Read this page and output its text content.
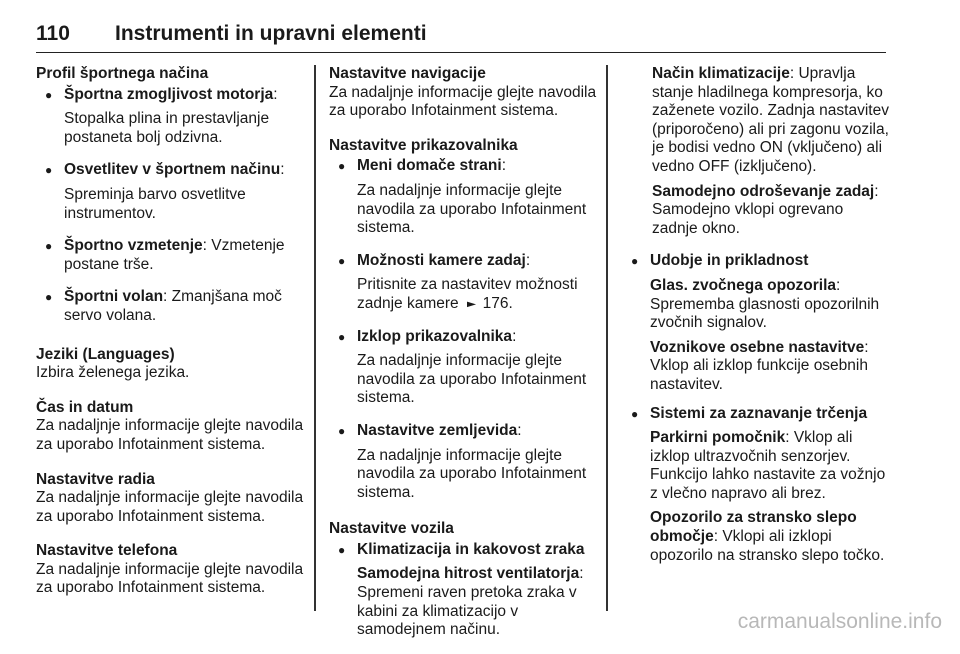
110 Instrumenti in upravni elementi
Profil športnega načina
● Športna zmogljivost motorja:
Stopalka plina in prestavljanje postaneta bolj odzivna.
● Osvetlitev v športnem načinu:
Spreminja barvo osvetlitve instrumentov.
● Športno vzmetenje: Vzmetenje postane trše.
● Športni volan: Zmanjšana moč servo volana.
Jeziki (Languages)
Izbira želenega jezika.
Čas in datum
Za nadaljnje informacije glejte navodila za uporabo Infotainment sistema.
Nastavitve radia
Za nadaljnje informacije glejte navodila za uporabo Infotainment sistema.
Nastavitve telefona
Za nadaljnje informacije glejte navodila za uporabo Infotainment sistema.
Nastavitve navigacije
Za nadaljnje informacije glejte navodila za uporabo Infotainment sistema.
Nastavitve prikazovalnika
● Meni domače strani:
Za nadaljnje informacije glejte navodila za uporabo Infotainment sistema.
● Možnosti kamere zadaj:
Pritisnite za nastavitev možnosti zadnje kamere ▲ 176.
● Izklop prikazovalnika:
Za nadaljnje informacije glejte navodila za uporabo Infotainment sistema.
● Nastavitve zemljevida:
Za nadaljnje informacije glejte navodila za uporabo Infotainment sistema.
Nastavitve vozila
● Klimatizacija in kakovost zraka
Samodejna hitrost ventilatorja: Spremeni raven pretoka zraka v kabini za klimatizacijo v samodejnem načinu.
Način klimatizacije: Upravlja stanje hladilnega kompresorja, ko zaženete vozilo. Zadnja nastavitev (priporočeno) ali pri zagonu vozila, je bodisi vedno ON (vključeno) ali vedno OFF (izključeno).
Samodejno odroševanje zadaj: Samodejno vklopi ogrevano zadnje okno.
● Udobje in prikladnost
Glas. zvočnega opozorila: Sprememba glasnosti opozorilnih zvočnih signalov.
Voznikove osebne nastavitve: Vklop ali izklop funkcije osebnih nastavitev.
● Sistemi za zaznavanje trčenja
Parkirni pomočnik: Vklop ali izklop ultrazvočnih senzorjev. Funkcijo lahko nastavite za vožnjo z vlečno napravo ali brez.
Opozorilo za stransko slepo območje: Vklopi ali izklopi opozorilo na stransko slepo točko.
carmanualsonline.info
